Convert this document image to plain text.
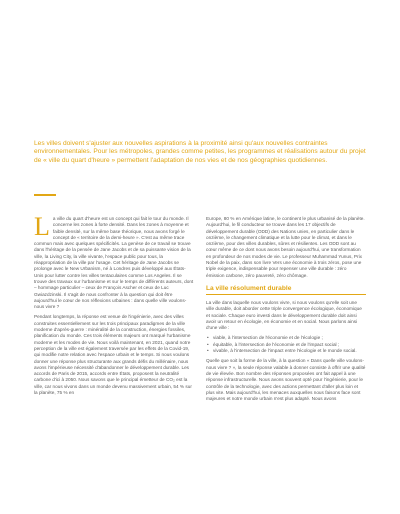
Les villes doivent s'ajuster aux nouvelles aspirations à la proximité ainsi qu'aux nouvelles contraintes environnementales. Pour les métropoles, grandes comme petites, les programmes et réalisations autour du projet de « ville du quart d'heure » permettent l'adaptation de nos vies et de nos géographies quotidiennes.

La ville du quart d'heure est un concept qui fait le tour du monde. Il concerne les zones à forte densité. Dans les zones à moyenne et faible densité, sur la même base théorique, nous avons forgé le concept de « territoire de la demi-heure ». C'est au même trace commun mais avec quelques spécificités. La genèse de ce travail se trouve dans l'héritage de la pensée de Jane Jacobs et de sa puissante vision de la ville, la Living City, la ville vivante, l'espace public pour tous, la réappropriation de la ville par l'usage. Cet héritage de Jane Jacobs se prolonge avec le New Urbanism, né à Londres puis développé aux États-Unis pour lutter contre les villes tentaculaires comme Los Angeles. Il se trouve des travaux sur l'urbanisme et sur le temps de différents auteurs, dont – hommage particulier – ceux de François Ascher et ceux de Luc Gwiazdzinski. Il s'agit de nous confronter à la question qui doit être aujourd'hui le cœur de nos réflexions urbaines : dans quelle ville voulons-nous vivre ?

Pendant longtemps, la réponse est venue de l'ingénierie, avec des villes construites essentiellement sur les trois principaux paradigmes de la ville moderne d'après-guerre : minéralité de la construction, énergies fossiles, planification du monde. Ces trois éléments majeurs ont marqué l'urbanisme moderne et les modes de vie. Nous voilà maintenant, en 2021, quand notre perception de la ville est également traversée par les effets de la Covid-19, qui modifie notre relation avec l'espace urbain et le temps. Si nous voulons donner une réponse plus structurante aux grands défis du millénaire, nous avons l'impérieuse nécessité d'abandonner le développement durable. Les accords de Paris de 2015, accords entre États, proposent la neutralité carbone d'ici à 2050. Nous savons que le principal émetteur de CO₂ est la ville, car nous vivons dans un monde devenu massivement urbain, 54 % sur la planète, 75 % en

Europe, 80 % en Amérique latine, le continent le plus urbanisé de la planète. Aujourd'hui, le fil conducteur se trouve dans les 17 objectifs de développement durable (ODD) des Nations unies, en particulier dans le onzième, le changement climatique et la lutte pour le climat, et dans le onzième, pour des villes durables, sûres et résilientes. Les ODD sont au cœur même de ce dont nous avons besoin aujourd'hui, une transformation en profondeur de nos modes de vie. Le professeur Muhammad Yunus, Prix Nobel de la paix, dans son livre Vers une économie à trois zéros, pose une triple exigence, indispensable pour repenser une ville durable : zéro émission carbone, zéro pauvreté, zéro chômage.

La ville résolument durable

La ville dans laquelle nous voulons vivre, si nous voulons qu'elle soit une ville durable, doit aborder cette triple convergence écologique, économique et sociale. Chaque euro investi dans le développement durable doit ainsi avoir un retour en écologie, en économie et en social. Nous parlons ainsi d'une ville :

• viable, à l'intersection de l'économie et de l'écologie ;
• équitable, à l'intersection de l'économie et de l'impact social ;
• vivable, à l'intersection de l'impact entre l'écologie et le monde social.

Quelle que soit la forme de la ville, à la question « Dans quelle ville voulons-nous vivre ? », la seule réponse valable à donner consiste à offrir une qualité de vie élevée. Bon nombre des réponses proposées ont fait appel à une réponse infrastructurelle. Nous avons souvent opté pour l'ingénierie, pour le contrôle de la technologie, avec des actions permettant d'aller plus loin et plus vite. Mais aujourd'hui, les menaces auxquelles nous faisons face sont majeures et notre monde urbain n'est plus adapté. Nous avons
